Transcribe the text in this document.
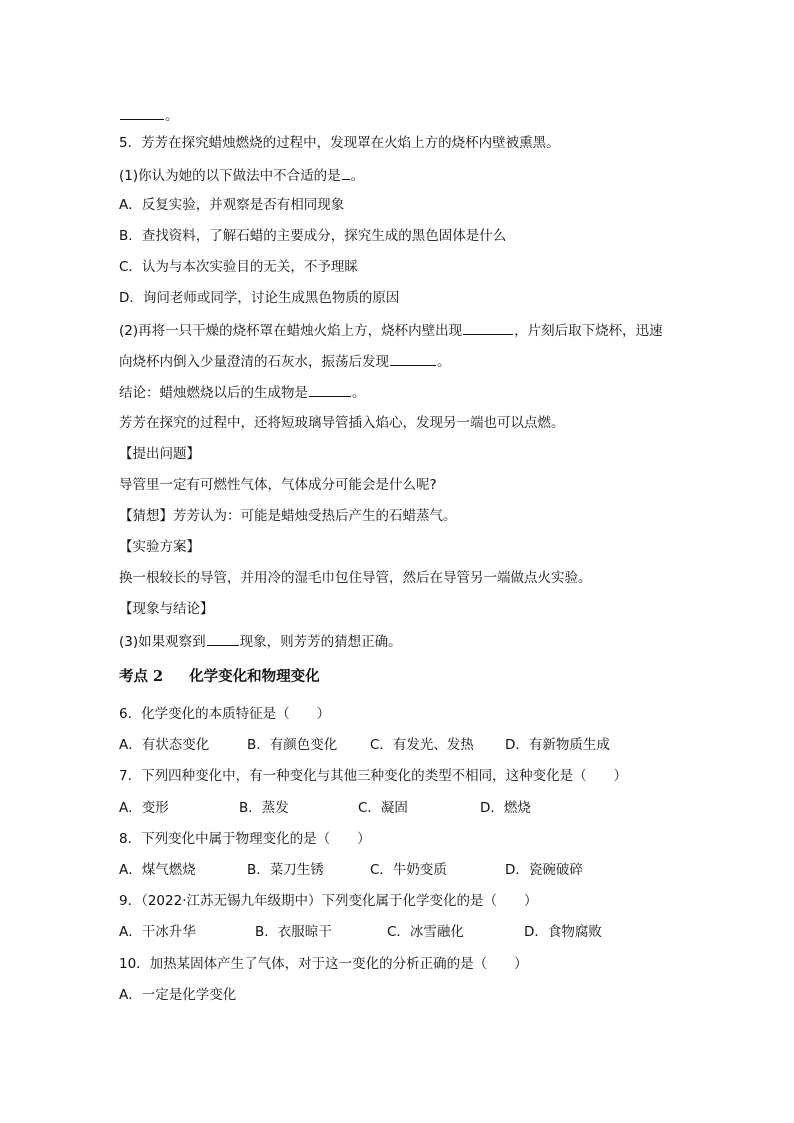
。
5．芳芳在探究蜡烛燃烧的过程中，发现罩在火焰上方的烧杯内壁被熏黑。
(1)你认为她的以下做法中不合适的是 。
A．反复实验，并观察是否有相同现象
B．查找资料，了解石蜡的主要成分，探究生成的黑色固体是什么
C．认为与本次实验目的无关，不予理睬
D．询问老师或同学，讨论生成黑色物质的原因
(2)再将一只干燥的烧杯罩在蜡烛火焰上方，烧杯内壁出现	，片刻后取下烧杯，迅速
向烧杯内倒入少量澄清的石灰水，振荡后发现	。
结论：蜡烛燃烧以后的生成物是	。
芳芳在探究的过程中，还将短玻璃导管插入焰心，发现另一端也可以点燃。
【提出问题】
导管里一定有可燃性气体，气体成分可能会是什么呢?
【猜想】芳芳认为：可能是蜡烛受热后产生的石蜡蒸气。
【实验方案】
换一根较长的导管，并用冷的湿毛巾包住导管，然后在导管另一端做点火实验。
【现象与结论】
(3)如果观察到	现象，则芳芳的猜想正确。
考点 2 化学变化和物理变化
6．化学变化的本质特征是（　　）
A．有状态变化	B．有颜色变化 C．有发光、发热 D．有新物质生成
7．下列四种变化中，有一种变化与其他三种变化的类型不相同，这种变化是（　　）
A．变形	B．蒸发	C．凝固	D．燃烧
8．下列变化中属于物理变化的是（　　）
A．煤气燃烧	B．菜刀生锈	C．牛奶变质	D．瓷碗破碎
9．（2022·江苏无锡九年级期中）下列变化属于化学变化的是（　　）
A．干冰升华	B．衣服晾干	C．冰雪融化	D．食物腐败
10．加热某固体产生了气体，对于这一变化的分析正确的是（　　）
A．一定是化学变化
